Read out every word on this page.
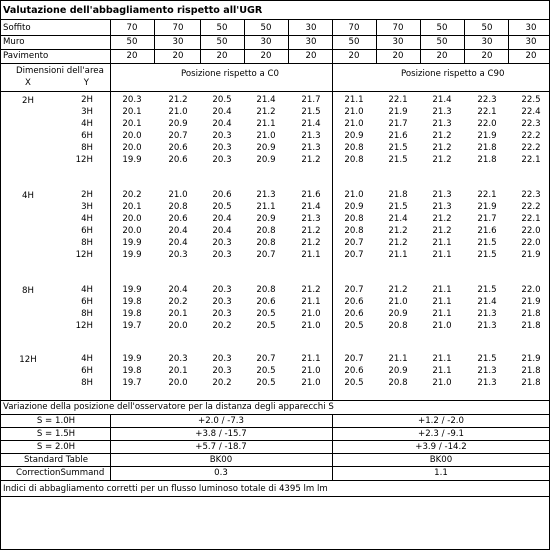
Valutazione dell'abbagliamento rispetto all'UGR
Soffito	70	70	50	50	30	70	70	50	50	30
Muro	50	30	50	30	30	50	30	50	30	30
Pavimento	20	20	20	20	20	20	20	20	20	20
Dimensioni dell'area
X	Y
Posizione rispetto a C0	Posizione rispetto a C90
2H	2H	20.3	21.2	20.5	21.4	21.7	21.1	22.1	21.4	22.3	22.5
3H	20.1	21.0	20.4	21.2	21.5	21.0	21.9	21.3	22.1	22.4
4H	20.1	20.9	20.4	21.1	21.4	21.0	21.7	21.3	22.0	22.3
6H	20.0	20.7	20.3	21.0	21.3	20.9	21.6	21.2	21.9	22.2
8H	20.0	20.6	20.3	20.9	21.3	20.8	21.5	21.2	21.8	22.2
12H	19.9	20.6	20.3	20.9	21.2	20.8	21.5	21.2	21.8	22.1
4H	2H	20.2	21.0	20.6	21.3	21.6	21.0	21.8	21.3	22.1	22.3
3H	20.1	20.8	20.5	21.1	21.4	20.9	21.5	21.3	21.9	22.2
4H	20.0	20.6	20.4	20.9	21.3	20.8	21.4	21.2	21.7	22.1
6H	20.0	20.4	20.4	20.8	21.2	20.8	21.2	21.2	21.6	22.0
8H	19.9	20.4	20.3	20.8	21.2	20.7	21.2	21.1	21.5	22.0
12H	19.9	20.3	20.3	20.7	21.1	20.7	21.1	21.1	21.5	21.9
8H	4H	19.9	20.4	20.3	20.8	21.2	20.7	21.2	21.1	21.5	22.0
6H	19.8	20.2	20.3	20.6	21.1	20.6	21.0	21.1	21.4	21.9
8H	19.8	20.1	20.3	20.5	21.0	20.6	20.9	21.1	21.3	21.8
12H	19.7	20.0	20.2	20.5	21.0	20.5	20.8	21.0	21.3	21.8
12H	4H	19.9	20.3	20.3	20.7	21.1	20.7	21.1	21.1	21.5	21.9
6H	19.8	20.1	20.3	20.5	21.0	20.6	20.9	21.1	21.3	21.8
8H	19.7	20.0	20.2	20.5	21.0	20.5	20.8	21.0	21.3	21.8
Variazione della posizione dell'osservatore per la distanza degli apparecchi S
S = 1.0H	+2.0 / -7.3	+1.2 / -2.0
S = 1.5H	+3.8 / -15.7	+2.3 / -9.1
S = 2.0H	+5.7 / -18.7	+3.9 / -14.2
Standard Table	BK00	BK00
CorrectionSummand	0.3	1.1
Indici di abbagliamento corretti per un flusso luminoso totale di 4395 lm lm
